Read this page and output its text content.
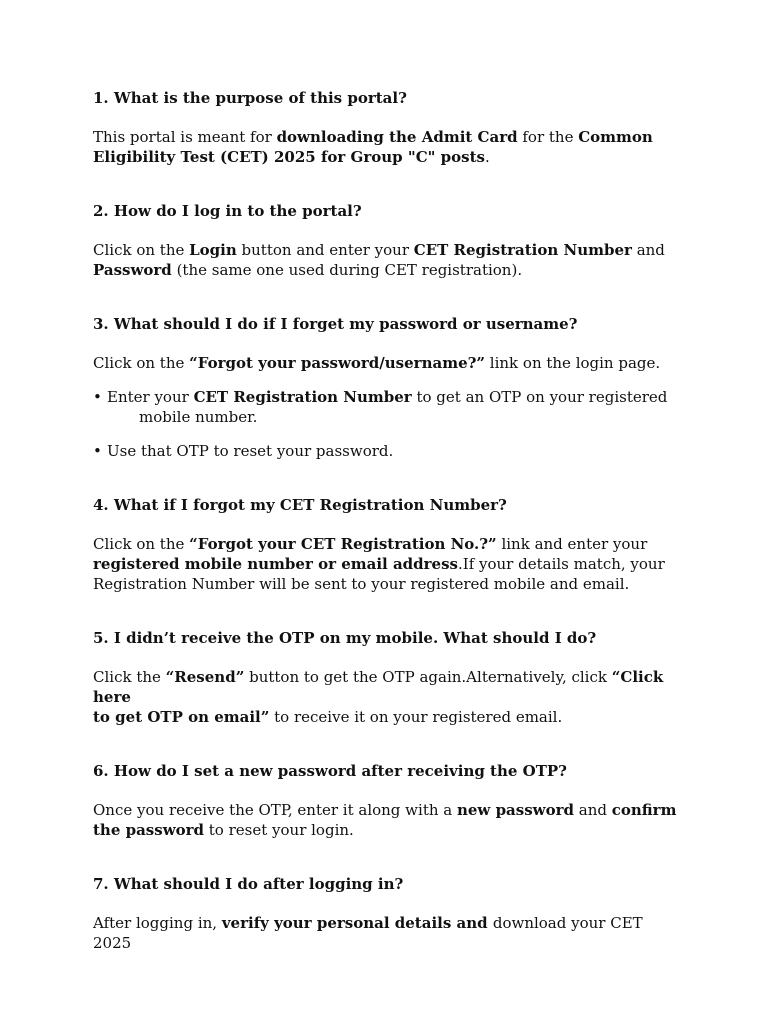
1. What is the purpose of this portal?

This portal is meant for downloading the Admit Card for the Common Eligibility Test (CET) 2025 for Group "C" posts.

2. How do I log in to the portal?

Click on the Login button and enter your CET Registration Number and
Password (the same one used during CET registration).

3. What should I do if I forget my password or username?

Click on the “Forgot your password/username?” link on the login page.

• Enter your CET Registration Number to get an OTP on your registered
mobile number.
• Use that OTP to reset your password.

4. What if I forgot my CET Registration Number?

Click on the “Forgot your CET Registration No.?” link and enter your
registered mobile number or email address.If your details match, your
Registration Number will be sent to your registered mobile and email.

5. I didn’t receive the OTP on my mobile. What should I do?

Click the “Resend” button to get the OTP again.Alternatively, click “Click here
to get OTP on email” to receive it on your registered email.

6. How do I set a new password after receiving the OTP?

Once you receive the OTP, enter it along with a new password and confirm
the password to reset your login.

7. What should I do after logging in?

After logging in, verify your personal details and download your CET 2025
